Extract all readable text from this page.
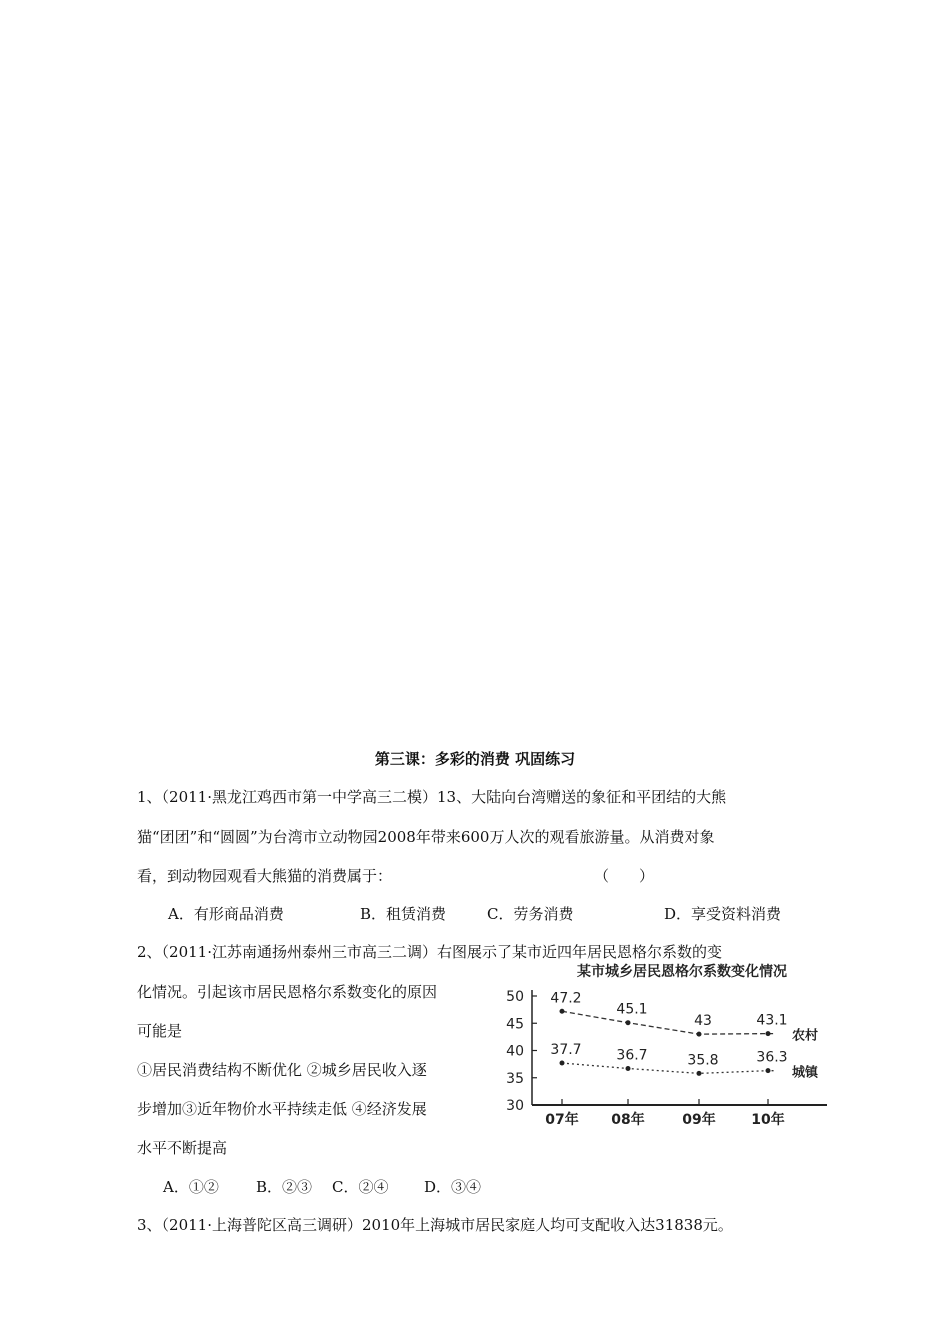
第三课：多彩的消费 巩固练习
1、（2011·黑龙江鸡西市第一中学高三二模）13、大陆向台湾赠送的象征和平团结的大熊
猫“团团”和“圆圆”为台湾市立动物园2008年带来600万人次的观看旅游量。从消费对象
看，到动物园观看大熊猫的消费属于：	（　　）
A．有形商品消费	B．租赁消费	C．劳务消费	D．享受资料消费
2、（2011·江苏南通扬州泰州三市高三二调）右图展示了某市近四年居民恩格尔系数的变
化情况。引起该市居民恩格尔系数变化的原因
可能是
①居民消费结构不断优化 ②城乡居民收入逐
步增加③近年物价水平持续走低 ④经济发展
水平不断提高
A．①② B．②③ C．②④ D．③④
某市城乡居民恩格尔系数变化情况
50
45
40
35
30
07年 08年	09年	10年
47.2
45.1
43	43.1
农村
37.7 36.7	35.8	36.3
城镇
3、（2011·上海普陀区高三调研）2010年上海城市居民家庭人均可支配收入达31838元。
